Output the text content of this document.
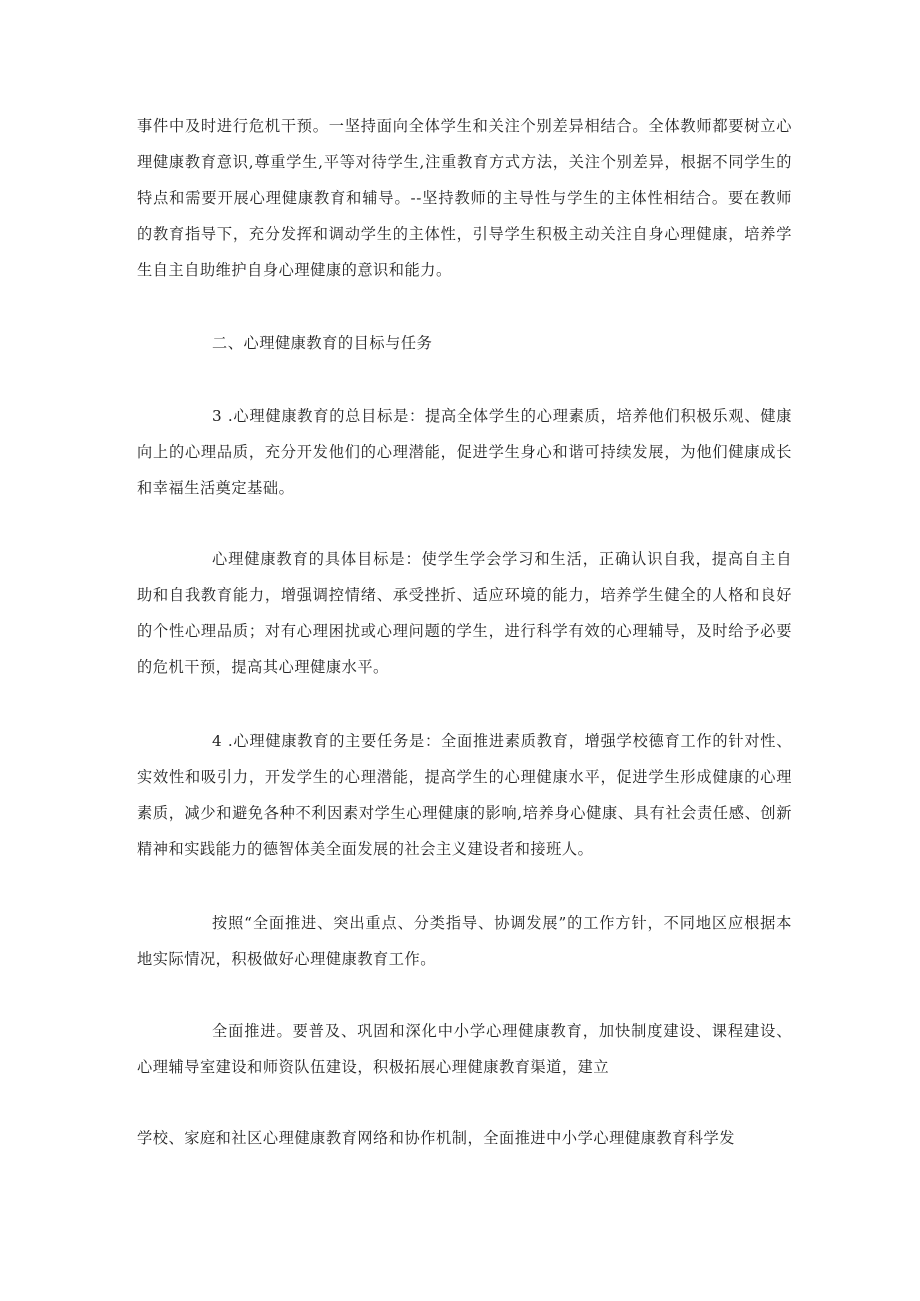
事件中及时进行危机干预。一坚持面向全体学生和关注个别差异相结合。全体教师都要树立心理健康教育意识,尊重学生,平等对待学生,注重教育方式方法，关注个别差异，根据不同学生的特点和需要开展心理健康教育和辅导。--坚持教师的主导性与学生的主体性相结合。要在教师的教育指导下，充分发挥和调动学生的主体性，引导学生积极主动关注自身心理健康，培养学生自主自助维护自身心理健康的意识和能力。

二、心理健康教育的目标与任务

3 .心理健康教育的总目标是：提高全体学生的心理素质，培养他们积极乐观、健康向上的心理品质，充分开发他们的心理潜能，促进学生身心和谐可持续发展，为他们健康成长和幸福生活奠定基础。

心理健康教育的具体目标是：使学生学会学习和生活，正确认识自我，提高自主自助和自我教育能力，增强调控情绪、承受挫折、适应环境的能力，培养学生健全的人格和良好的个性心理品质；对有心理困扰或心理问题的学生，进行科学有效的心理辅导，及时给予必要的危机干预，提高其心理健康水平。

4 .心理健康教育的主要任务是：全面推进素质教育，增强学校德育工作的针对性、实效性和吸引力，开发学生的心理潜能，提高学生的心理健康水平，促进学生形成健康的心理素质，减少和避免各种不利因素对学生心理健康的影响,培养身心健康、具有社会责任感、创新精神和实践能力的德智体美全面发展的社会主义建设者和接班人。

按照“全面推进、突出重点、分类指导、协调发展”的工作方针，不同地区应根据本地实际情况，积极做好心理健康教育工作。

全面推进。要普及、巩固和深化中小学心理健康教育，加快制度建设、课程建设、心理辅导室建设和师资队伍建设，积极拓展心理健康教育渠道，建立

学校、家庭和社区心理健康教育网络和协作机制，全面推进中小学心理健康教育科学发
